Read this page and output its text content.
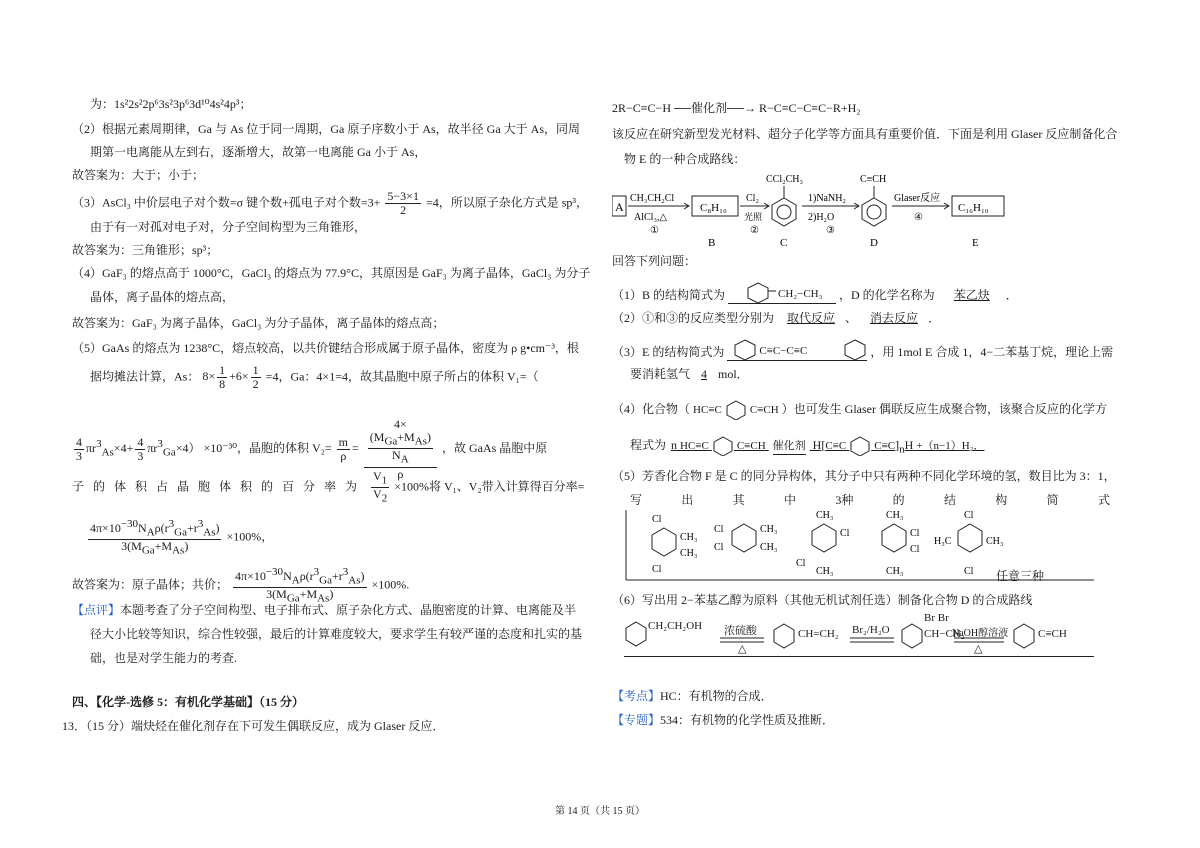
为：1s²2s²2p⁶3s²3p⁶3d¹⁰4s²4p³；
（2）根据元素周期律，Ga 与 As 位于同一周期，Ga 原子序数小于 As，故半径 Ga 大于 As，同周
期第一电离能从左到右，逐渐增大，故第一电离能 Ga 小于 As，
故答案为：大于；小于；
（3）AsCl₃ 中价层电子对个数=σ 键个数+孤电子对个数$=3+ \frac{5-3\times 1}{2} =4$，所以原子杂化方式是 sp³，
由于有一对孤对电子对，分子空间构型为三角锥形，
故答案为：三角锥形；sp³；
（4）GaF₃ 的熔点高于 1000°C，GaCl₃ 的熔点为 77.9°C，其原因是 GaF₃ 为离子晶体，GaCl₃ 为分子
晶体，离子晶体的熔点高，
故答案为：GaF₃ 为离子晶体，GaCl₃ 为分子晶体，离子晶体的熔点高；
（5）GaAs 的熔点为 1238°C，熔点较高，以共价键结合形成属于原子晶体，密度为 ρ g•cm⁻³，根
据均摊法计算，As： $8\times \frac{1}{8} +6\times \frac{1}{2} =4$，Ga：4×1=4，故其晶胞中原子所占的体积 V₁=（
$\frac{4}{3} \pi r^3_{As}\times 4+ \frac{4}{3} \pi r^3_{Ga}\times 4) \times 10^{-30}$，晶胞的体积 $V_2= \frac{m}{\rho} = 4\times$
$(M_{Ga}+M_{As})$
$N_A$
ρ ，故 GaAs 晶胞中原
子的体积占晶胞体积的百分率为 $\frac{V_1}{V_2} \times 100\%$将 V₁、V₂带入计算得百分率=
$\frac{4\pi\times 10^{-30}N_A\rho(r^3_{Ga}+r^3_{As})}{3(M_{Ga}+M_{As})} \times 100\%$，
故答案为：原子晶体；共价； $\frac{4\pi\times 10^{-30}N_A\rho(r^3_{Ga}+r^3_{As})}{3(M_{Ga}+M_{As})} \times 100\%$.
【点评】本题考查了分子空间构型、电子排布式、原子杂化方式、晶胞密度的计算、电离能及半
径大小比较等知识，综合性较强，最后的计算难度较大，要求学生有较严谨的态度和扎实的基
础，也是对学生能力的考查.
四、【化学-选修 5：有机化学基础】（15 分）
13．（15 分）端炔烃在催化剂存在下可发生偶联反应，成为 Glaser 反应．
2R−C≡C−H ──催化剂──→ R−C≡C−C≡C−R+H₂
该反应在研究新型发光材料、超分子化学等方面具有重要价值．下面是利用 Glaser 反应制备化合
物 E 的一种合成路线：
A
CH₃CH₂Cl
AlCl₃,△
①
C₈H₁₀
B
Cl₂
光照
②
CCl₂CH₃
C
1)NaNH₂
2)H₂O
③
C≡CH
D
Glaser反应
④
C₁₆H₁₀
E
回答下列问题：
（1）B 的结构简式为	CH₂−CH₃ ，D 的化学名称为 苯乙炔 ．
（2）①和③的反应类型分别为 取代反应 、 消去反应 ．
（3）E 的结构简式为	C≡C−C≡C	，用 1mol E 合成 1，4−二苯基丁烷，理论上需
要消耗氢气 4 mol．
（4）化合物（ HC≡C	C≡CH ）也可发生 Glaser 偶联反应生成聚合物，该聚合反应的化学方
程式为 n HC≡C	C≡CH 催化剂 H[C≡C	$C\equiv C]_nH +(n-1)H_2$．
（5）芳香化合物 F 是 C 的同分异构体，其分子中只有两种不同化学环境的氢，数目比为 3：1，
写	出	其	中	3种	的	结	构	简	式
Cl
CH₃
CH₃
Cl
Cl
Cl
CH₃
CH₃
CH₃
Cl
Cl
CH₃
CH₃
Cl
Cl
CH₃
Cl
H₃C	CH₃
Cl 任意三种
（6）写出用 2−苯基乙醇为原料（其他无机试剂任选）制备化合物 D 的合成路线
CH₂CH₂OH 浓硫酸
△
CH=CH₂ Br₂/H₂O
Br Br
CH−CH₂
NaOH醇溶液
△
C≡CH
【考点】HC：有机物的合成．
【专题】534：有机物的化学性质及推断．
第 14 页（共 15 页）
